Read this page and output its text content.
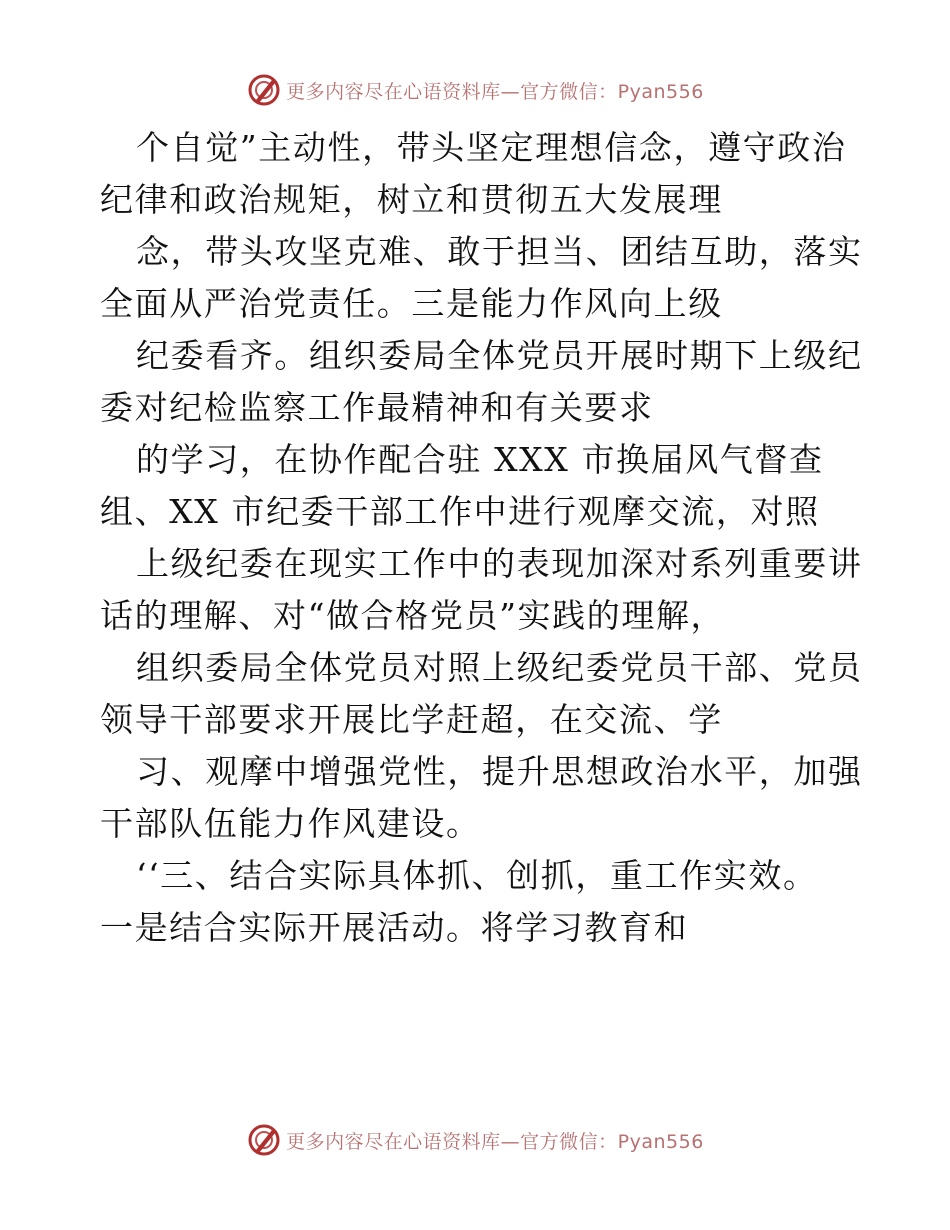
更多内容尽在心语资料库—官方微信：Pyan556
个自觉”主动性，带头坚定理想信念，遵守政治
纪律和政治规矩，树立和贯彻五大发展理
念，带头攻坚克难、敢于担当、团结互助，落实
全面从严治党责任。三是能力作风向上级
纪委看齐。组织委局全体党员开展时期下上级纪
委对纪检监察工作最精神和有关要求
的学习，在协作配合驻 XXX 市换届风气督查
组、XX 市纪委干部工作中进行观摩交流，对照
上级纪委在现实工作中的表现加深对系列重要讲
话的理解、对“做合格党员”实践的理解，
组织委局全体党员对照上级纪委党员干部、党员
领导干部要求开展比学赶超，在交流、学
习、观摩中增强党性，提升思想政治水平，加强
干部队伍能力作风建设。
‘‘三、结合实际具体抓、创抓，重工作实效。
一是结合实际开展活动。将学习教育和
更多内容尽在心语资料库—官方微信：Pyan556
